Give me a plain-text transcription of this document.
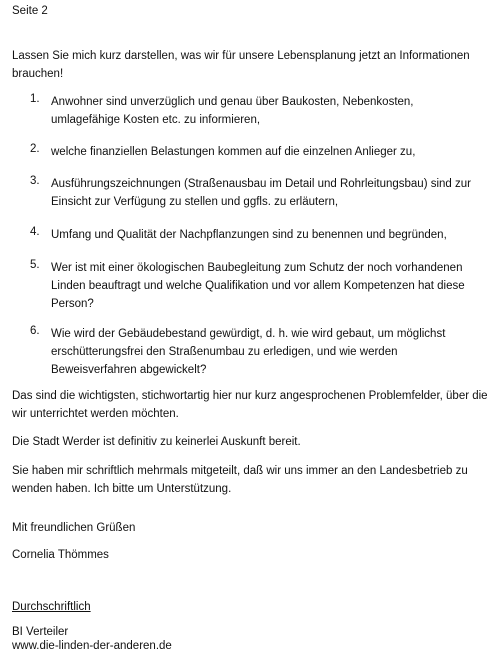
Seite 2
Lassen Sie mich kurz darstellen, was wir für unsere Lebensplanung jetzt an Informationen brauchen!
1. Anwohner sind unverzüglich und genau über Baukosten, Nebenkosten, umlagefähige Kosten etc. zu informieren,
2. welche finanziellen Belastungen kommen auf die einzelnen Anlieger zu,
3. Ausführungszeichnungen (Straßenausbau im Detail und Rohrleitungsbau) sind zur Einsicht zur Verfügung zu stellen und ggfls. zu erläutern,
4. Umfang und Qualität der Nachpflanzungen sind zu benennen und begründen,
5. Wer ist mit einer ökologischen Baubegleitung zum Schutz der noch vorhandenen Linden beauftragt und welche Qualifikation und vor allem Kompetenzen hat diese Person?
6. Wie wird der Gebäudebestand gewürdigt, d. h. wie wird gebaut, um möglichst erschütterungsfrei den Straßenumbau zu erledigen, und wie werden Beweisverfahren abgewickelt?
Das sind die wichtigsten, stichwortartig hier nur kurz angesprochenen Problemfelder, über die wir unterrichtet werden möchten.
Die Stadt Werder ist definitiv zu keinerlei Auskunft bereit.
Sie haben mir schriftlich mehrmals mitgeteilt, daß wir uns immer an den Landesbetrieb zu wenden haben. Ich bitte um Unterstützung.
Mit freundlichen Grüßen
Cornelia Thömmes
Durchschriftlich
BI Verteiler
www.die-linden-der-anderen.de
